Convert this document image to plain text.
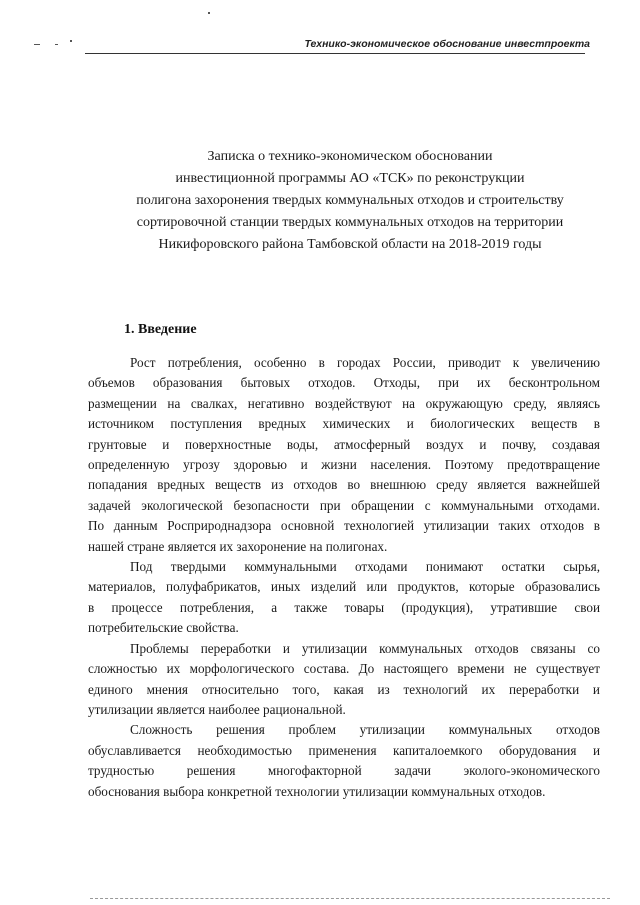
Технико-экономическое обоснование инвестпроекта
Записка о технико-экономическом обосновании
инвестиционной программы АО «ТСК» по реконструкции
полигона захоронения твердых коммунальных отходов и строительству
сортировочной станции твердых коммунальных отходов на территории
Никифоровского района Тамбовской области на 2018-2019 годы
1. Введение

Рост потребления, особенно в городах России, приводит к увеличению
объемов образования бытовых отходов. Отходы, при их бесконтрольном
размещении на свалках, негативно воздействуют на окружающую среду, являясь
источником поступления вредных химических и биологических веществ в
грунтовые и поверхностные воды, атмосферный воздух и почву, создавая
определенную угрозу здоровью и жизни населения. Поэтому предотвращение
попадания вредных веществ из отходов во внешнюю среду является важнейшей
задачей экологической безопасности при обращении с коммунальными отходами.
По данным Росприроднадзора основной технологией утилизации таких отходов в
нашей стране является их захоронение на полигонах.

Под твердыми коммунальными отходами понимают остатки сырья,
материалов, полуфабрикатов, иных изделий или продуктов, которые образовались
в процессе потребления, а также товары (продукция), утратившие свои
потребительские свойства.

Проблемы переработки и утилизации коммунальных отходов связаны со
сложностью их морфологического состава. До настоящего времени не существует
единого мнения относительно того, какая из технологий их переработки и
утилизации является наиболее рациональной.

Сложность решения проблем утилизации коммунальных отходов
обуславливается необходимостью применения капиталоемкого оборудования и
трудностью решения многофакторной задачи эколого-экономического
обоснования выбора конкретной технологии утилизации коммунальных отходов.
